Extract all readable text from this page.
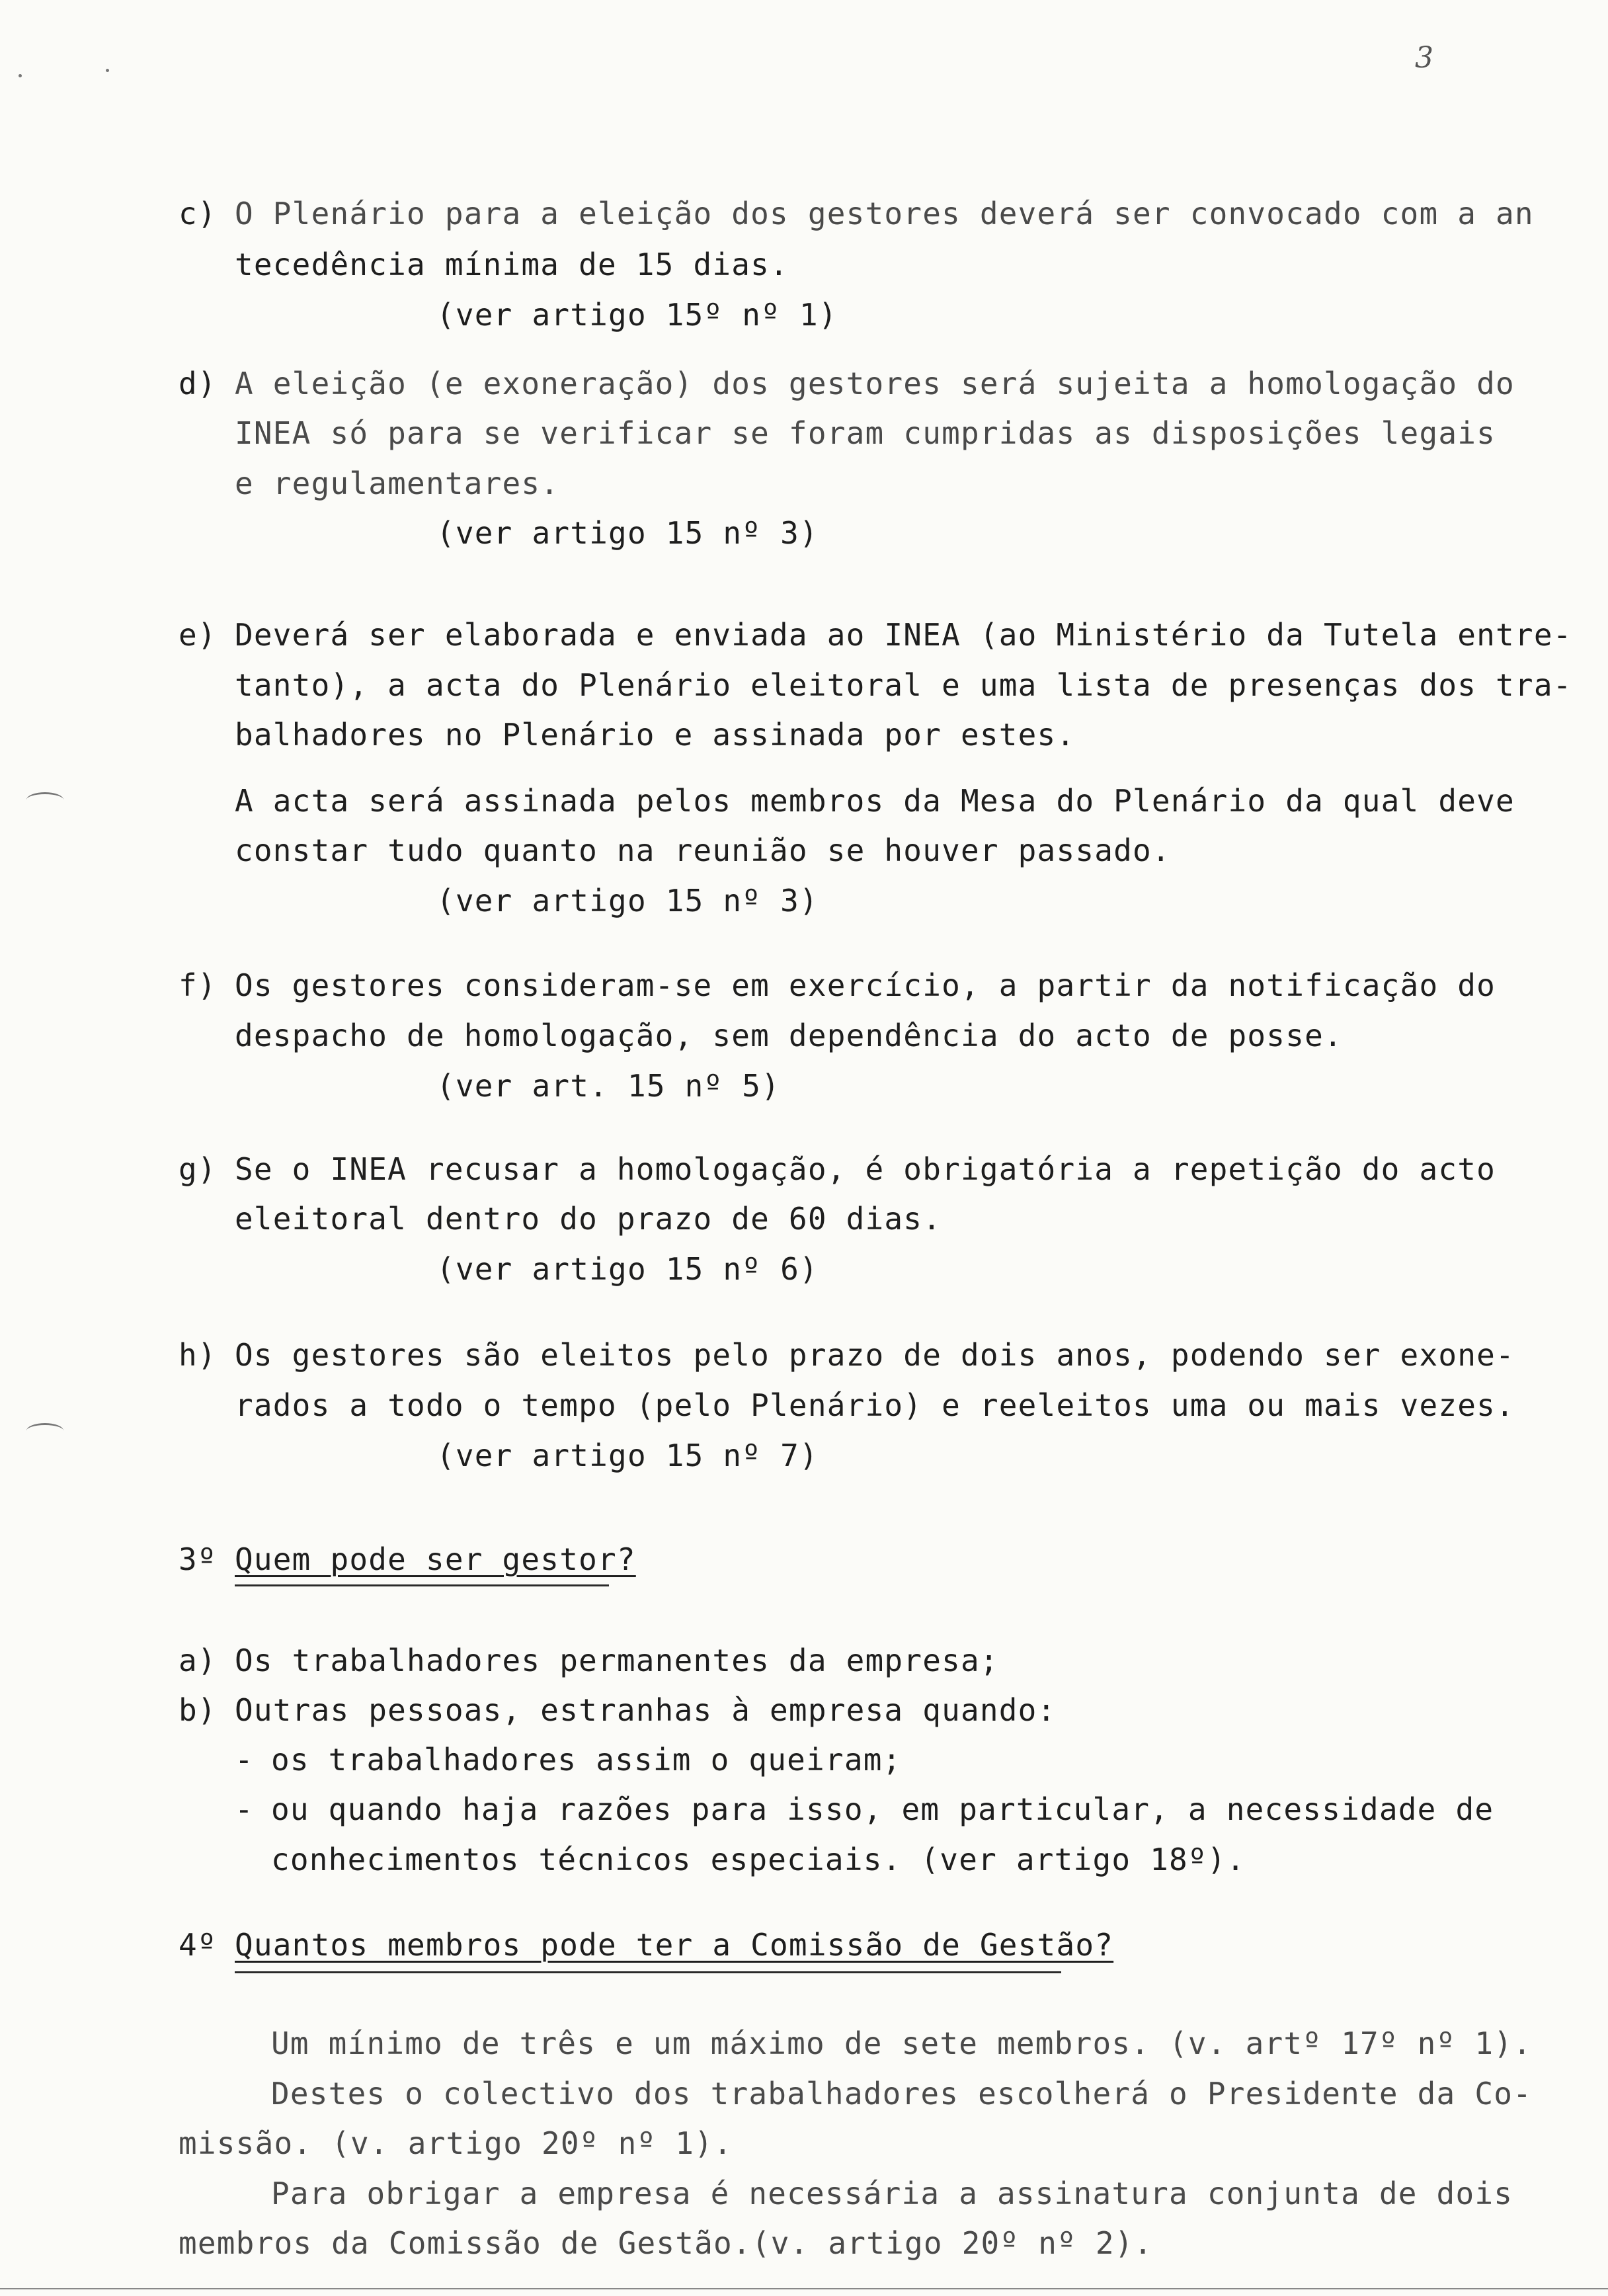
3
c) O Plenário para a eleição dos gestores deverá ser convocado com a an
tecedência mínima de 15 dias.
(ver artigo 15º nº 1)
d) A eleição (e exoneração) dos gestores será sujeita a homologação do
INEA só para se verificar se foram cumpridas as disposições legais
e regulamentares.
(ver artigo 15 nº 3)
e) Deverá ser elaborada e enviada ao INEA (ao Ministério da Tutela entre-
tanto), a acta do Plenário eleitoral e uma lista de presenças dos tra-
balhadores no Plenário e assinada por estes.
A acta será assinada pelos membros da Mesa do Plenário da qual deve
constar tudo quanto na reunião se houver passado.
(ver artigo 15 nº 3)
f) Os gestores consideram-se em exercício, a partir da notificação do
despacho de homologação, sem dependência do acto de posse.
(ver art. 15 nº 5)
g) Se o INEA recusar a homologação, é obrigatória a repetição do acto
eleitoral dentro do prazo de 60 dias.
(ver artigo 15 nº 6)
h) Os gestores são eleitos pelo prazo de dois anos, podendo ser exone-
rados a todo o tempo (pelo Plenário) e reeleitos uma ou mais vezes.
(ver artigo 15 nº 7)
3º Quem pode ser gestor?
a) Os trabalhadores permanentes da empresa;
b) Outras pessoas, estranhas à empresa quando:
- os trabalhadores assim o queiram;
- ou quando haja razões para isso, em particular, a necessidade de
conhecimentos técnicos especiais. (ver artigo 18º).
4º Quantos membros pode ter a Comissão de Gestão?
Um mínimo de três e um máximo de sete membros. (v. artº 17º nº 1).
Destes o colectivo dos trabalhadores escolherá o Presidente da Co-
missão. (v. artigo 20º nº 1).
Para obrigar a empresa é necessária a assinatura conjunta de dois
membros da Comissão de Gestão.(v. artigo 20º nº 2).
